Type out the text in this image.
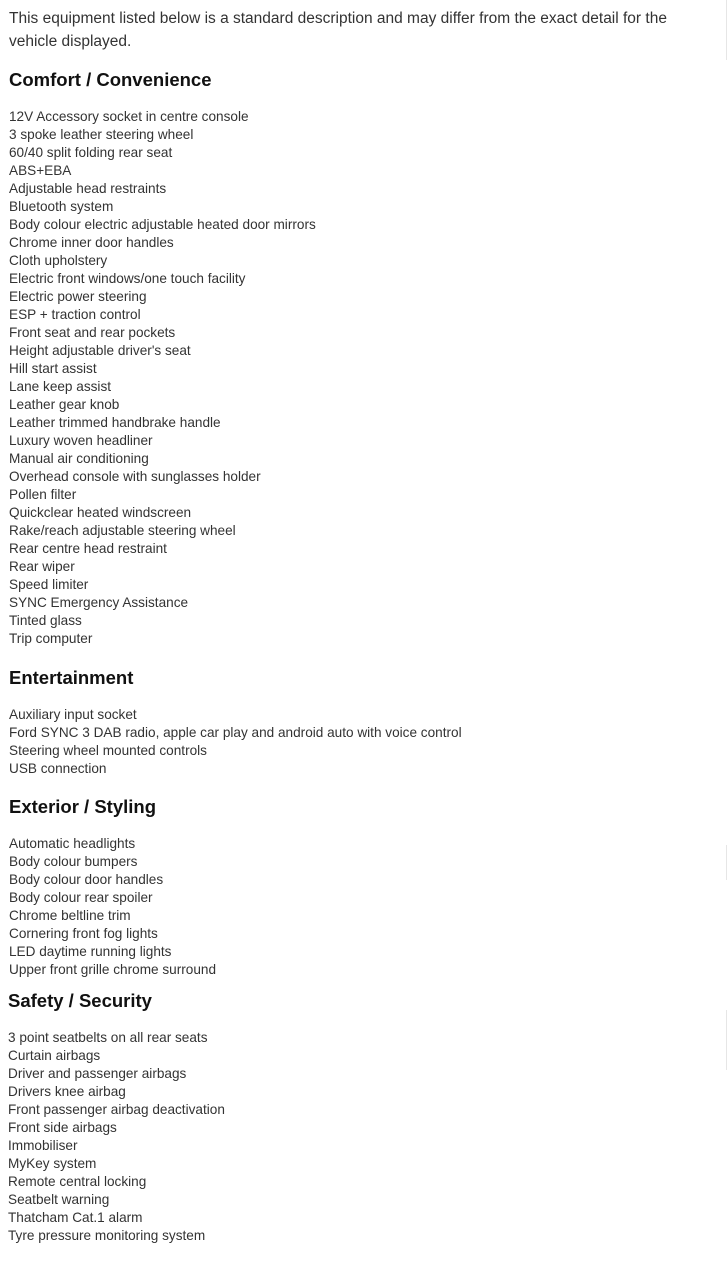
This equipment listed below is a standard description and may differ from the exact detail for the vehicle displayed.

Comfort / Convenience
12V Accessory socket in centre console
3 spoke leather steering wheel
60/40 split folding rear seat
ABS+EBA
Adjustable head restraints
Bluetooth system
Body colour electric adjustable heated door mirrors
Chrome inner door handles
Cloth upholstery
Electric front windows/one touch facility
Electric power steering
ESP + traction control
Front seat and rear pockets
Height adjustable driver's seat
Hill start assist
Lane keep assist
Leather gear knob
Leather trimmed handbrake handle
Luxury woven headliner
Manual air conditioning
Overhead console with sunglasses holder
Pollen filter
Quickclear heated windscreen
Rake/reach adjustable steering wheel
Rear centre head restraint
Rear wiper
Speed limiter
SYNC Emergency Assistance
Tinted glass
Trip computer
Entertainment
Auxiliary input socket
Ford SYNC 3 DAB radio, apple car play and android auto with voice control
Steering wheel mounted controls
USB connection
Exterior / Styling
Automatic headlights
Body colour bumpers
Body colour door handles
Body colour rear spoiler
Chrome beltline trim
Cornering front fog lights
LED daytime running lights
Upper front grille chrome surround
Safety / Security
3 point seatbelts on all rear seats
Curtain airbags
Driver and passenger airbags
Drivers knee airbag
Front passenger airbag deactivation
Front side airbags
Immobiliser
MyKey system
Remote central locking
Seatbelt warning
Thatcham Cat.1 alarm
Tyre pressure monitoring system
